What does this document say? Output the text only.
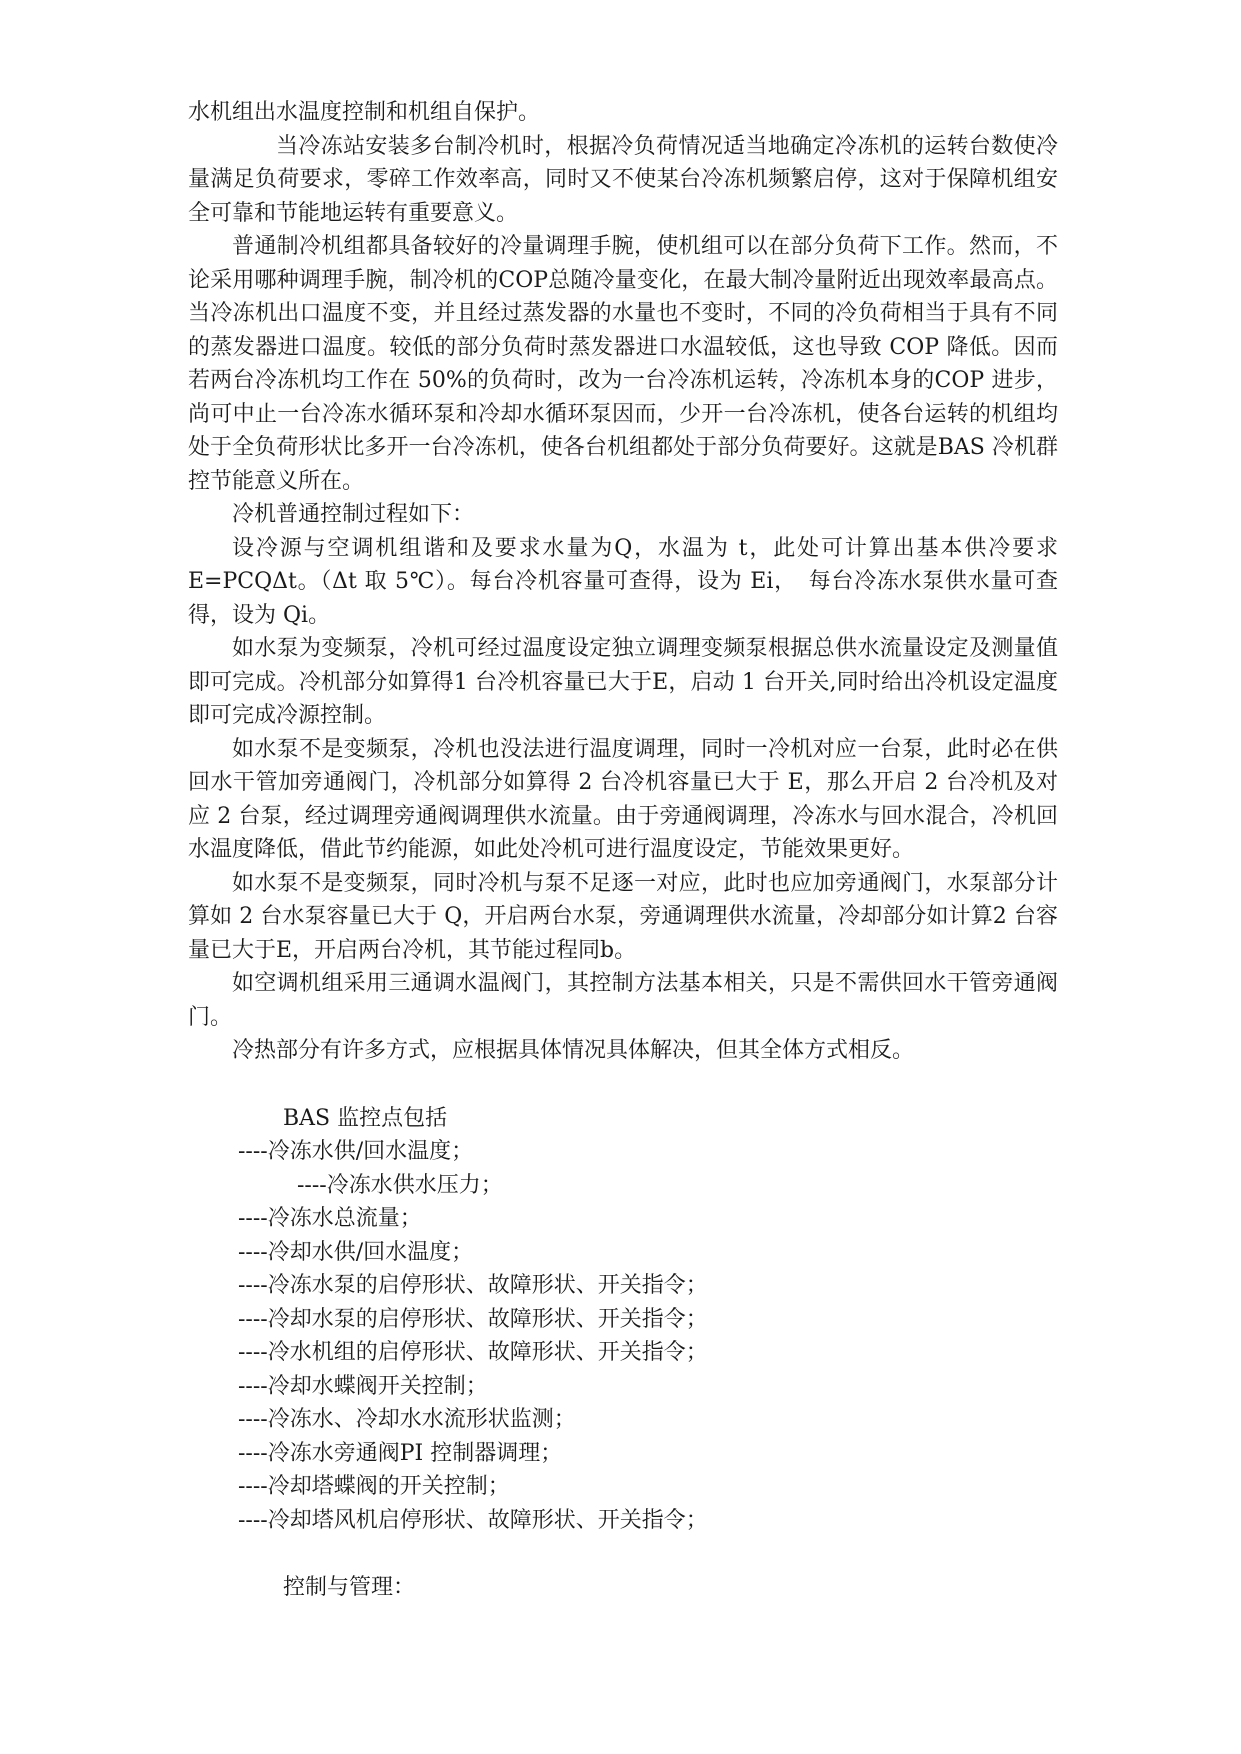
水机组出水温度控制和机组自保护。

当冷冻站安装多台制冷机时，根据冷负荷情况适当地确定冷冻机的运转台数使冷量满足负荷要求，零碎工作效率高，同时又不使某台冷冻机频繁启停，这对于保障机组安全可靠和节能地运转有重要意义。

普通制冷机组都具备较好的冷量调理手腕，使机组可以在部分负荷下工作。然而，不论采用哪种调理手腕，制冷机的COP总随冷量变化，在最大制冷量附近出现效率最高点。当冷冻机出口温度不变，并且经过蒸发器的水量也不变时，不同的冷负荷相当于具有不同的蒸发器进口温度。较低的部分负荷时蒸发器进口水温较低，这也导致 COP 降低。因而若两台冷冻机均工作在 50%的负荷时，改为一台冷冻机运转，冷冻机本身的COP 进步，尚可中止一台冷冻水循环泵和冷却水循环泵因而，少开一台冷冻机，使各台运转的机组均处于全负荷形状比多开一台冷冻机，使各台机组都处于部分负荷要好。这就是BAS 冷机群控节能意义所在。

冷机普通控制过程如下：

设冷源与空调机组谐和及要求水量为Q，水温为 t，此处可计算出基本供冷要求 E=PCQΔt。（Δt 取 5℃）。每台冷机容量可查得，设为 Ei，　每台冷冻水泵供水量可查得，设为 Qi。

如水泵为变频泵，冷机可经过温度设定独立调理变频泵根据总供水流量设定及测量值即可完成。冷机部分如算得1 台冷机容量已大于E，启动 1 台开关,同时给出冷机设定温度即可完成冷源控制。

如水泵不是变频泵，冷机也没法进行温度调理，同时一冷机对应一台泵，此时必在供回水干管加旁通阀门，冷机部分如算得 2 台冷机容量已大于 E，那么开启 2 台冷机及对应 2 台泵，经过调理旁通阀调理供水流量。由于旁通阀调理，冷冻水与回水混合，冷机回水温度降低，借此节约能源，如此处冷机可进行温度设定，节能效果更好。

如水泵不是变频泵，同时冷机与泵不足逐一对应，此时也应加旁通阀门，水泵部分计算如 2 台水泵容量已大于 Q，开启两台水泵，旁通调理供水流量，冷却部分如计算2 台容量已大于E，开启两台冷机，其节能过程同b。

如空调机组采用三通调水温阀门，其控制方法基本相关，只是不需供回水干管旁通阀门。

冷热部分有许多方式，应根据具体情况具体解决，但其全体方式相反。

BAS 监控点包括
----冷冻水供/回水温度；
----冷冻水供水压力；
----冷冻水总流量；
----冷却水供/回水温度；
----冷冻水泵的启停形状、故障形状、开关指令；
----冷却水泵的启停形状、故障形状、开关指令；
----冷水机组的启停形状、故障形状、开关指令；
----冷却水蝶阀开关控制；
----冷冻水、冷却水水流形状监测；
----冷冻水旁通阀PI 控制器调理；
----冷却塔蝶阀的开关控制；
----冷却塔风机启停形状、故障形状、开关指令；
控制与管理：
